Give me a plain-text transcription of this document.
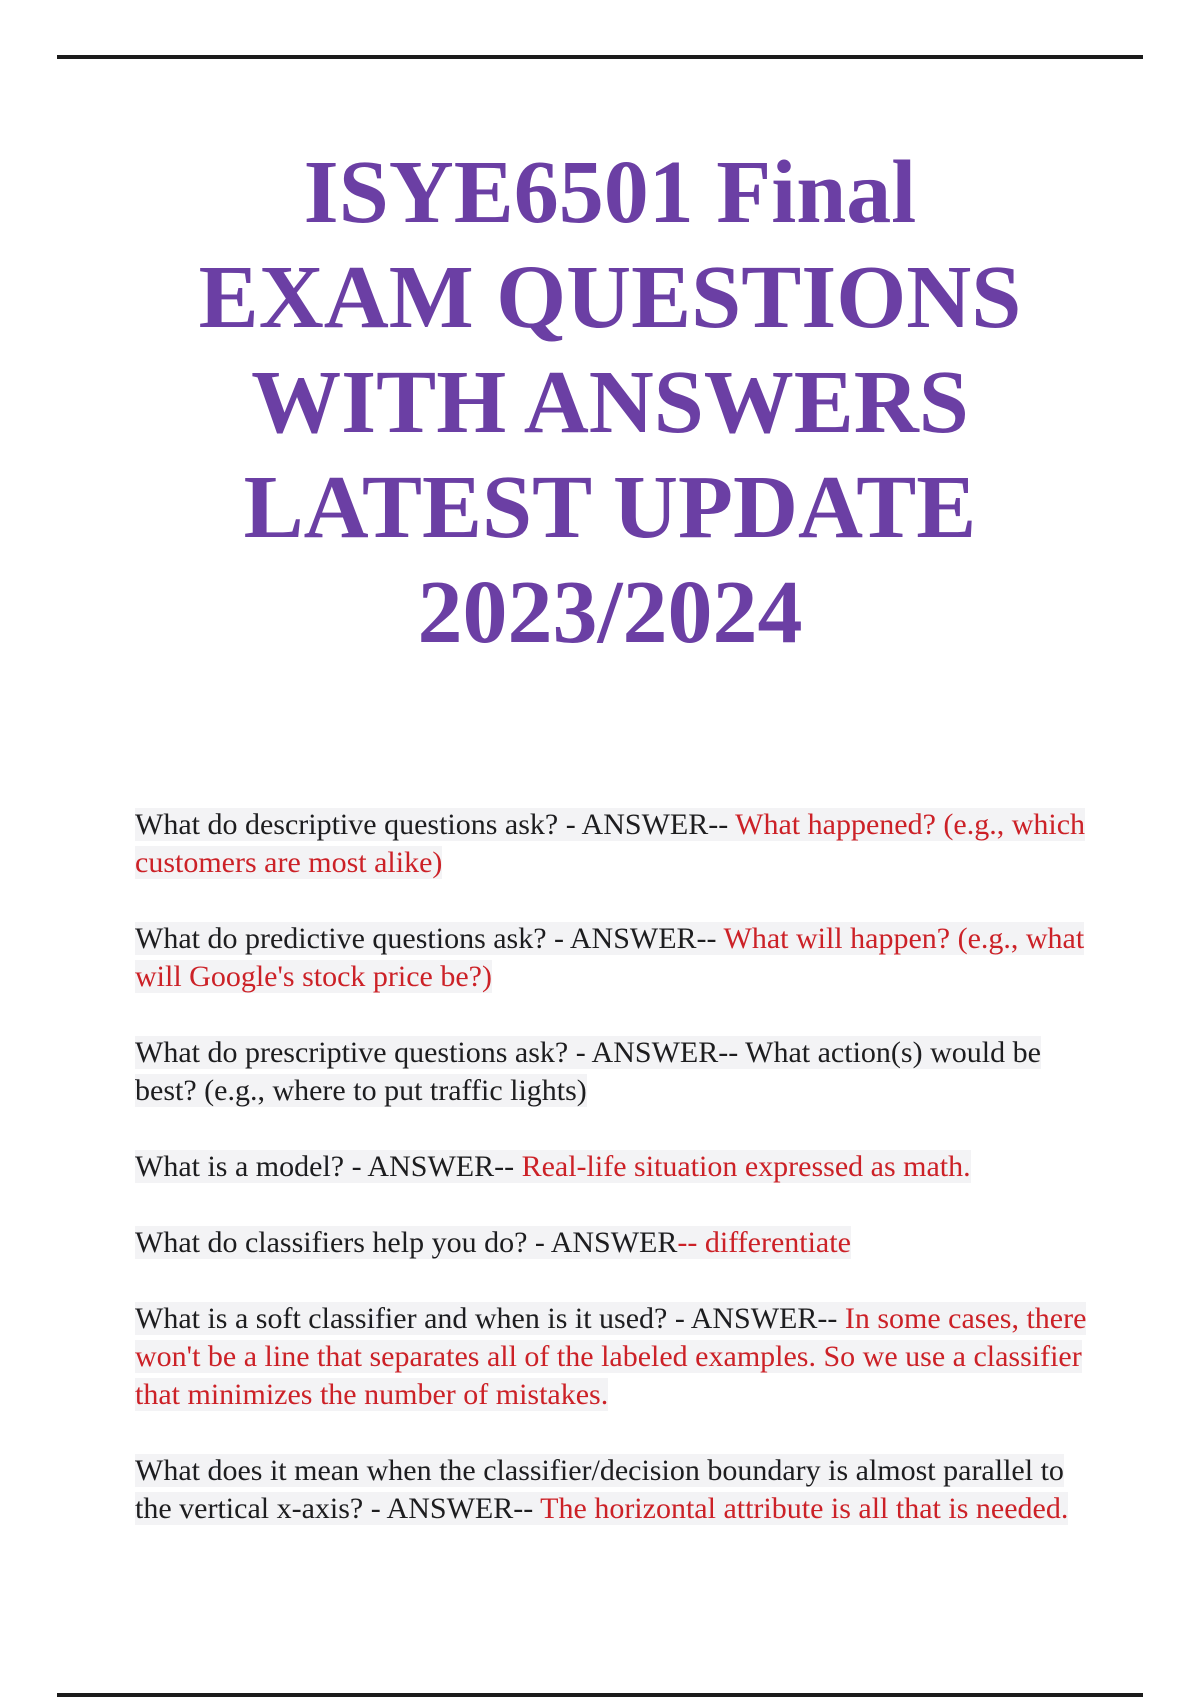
ISYE6501 Final
EXAM QUESTIONS
WITH ANSWERS
LATEST UPDATE
2023/2024

What do descriptive questions ask? - ANSWER-- What happened? (e.g., which customers are most alike)

What do predictive questions ask? - ANSWER-- What will happen? (e.g., what will Google's stock price be?)

What do prescriptive questions ask? - ANSWER-- What action(s) would be best? (e.g., where to put traffic lights)

What is a model? - ANSWER-- Real-life situation expressed as math.

What do classifiers help you do? - ANSWER-- differentiate

What is a soft classifier and when is it used? - ANSWER-- In some cases, there won't be a line that separates all of the labeled examples. So we use a classifier that minimizes the number of mistakes.

What does it mean when the classifier/decision boundary is almost parallel to the vertical x-axis? - ANSWER-- The horizontal attribute is all that is needed.
